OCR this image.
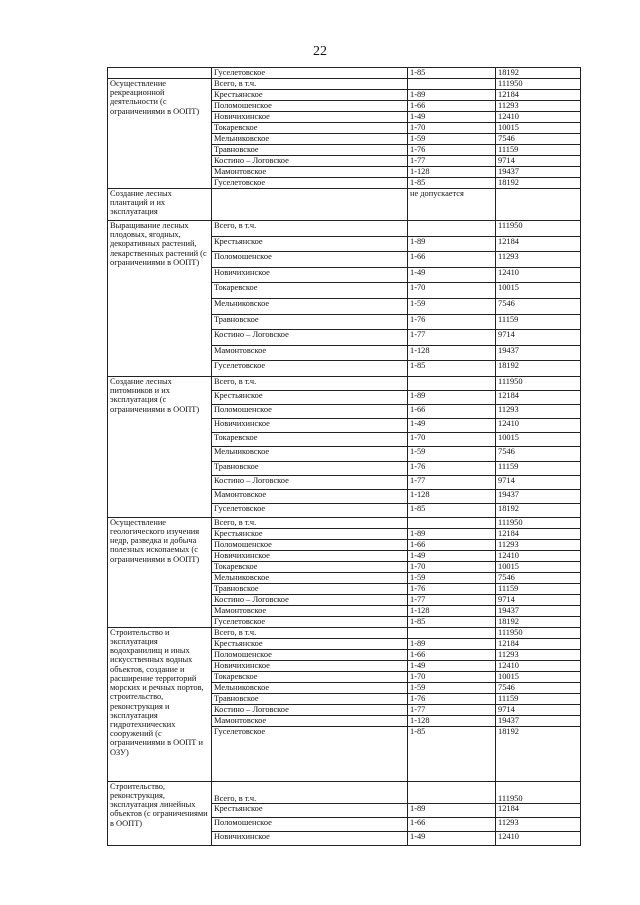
22
	Гуселетовское	1-85	18192
Осуществление рекреационной деятельности (с ограничениями в ООПТ)	Всего, в т.ч.		111950
	Крестьянское	1-89	12184
	Поломошенское	1-66	11293
	Новичихинское	1-49	12410
	Токаревское	1-70	10015
	Мельниковское	1-59	7546
	Травновское	1-76	11159
	Костино – Логовское	1-77	9714
	Мамонтовское	1-128	19437
	Гуселетовское	1-85	18192
Создание лесных плантаций и их эксплуатация		не допускается	
Выращивание лесных плодовых, ягодных, декоративных растений, лекарственных растений (с ограничениями в ООПТ)	Всего, в т.ч.		111950
	Крестьянское	1-89	12184
	Поломошенское	1-66	11293
	Новичихинское	1-49	12410
	Токаревское	1-70	10015
	Мельниковское	1-59	7546
	Травновское	1-76	11159
	Костино – Логовское	1-77	9714
	Мамонтовское	1-128	19437
	Гуселетовское	1-85	18192
Создание лесных питомников и их эксплуатация (с ограничениями в ООПТ)	Всего, в т.ч.		111950
	Крестьянское	1-89	12184
	Поломошенское	1-66	11293
	Новичихинское	1-49	12410
	Токаревское	1-70	10015
	Мельниковское	1-59	7546
	Травновское	1-76	11159
	Костино – Логовское	1-77	9714
	Мамонтовское	1-128	19437
	Гуселетовское	1-85	18192
Осуществление геологического изучения недр, разведка и добыча полезных ископаемых (с ограничениями в ООПТ)	Всего, в т.ч.		111950
	Крестьянское	1-89	12184
	Поломошенское	1-66	11293
	Новичихинское	1-49	12410
	Токаревское	1-70	10015
	Мельниковское	1-59	7546
	Травновское	1-76	11159
	Костино – Логовское	1-77	9714
	Мамонтовское	1-128	19437
	Гуселетовское	1-85	18192
Строительство и эксплуатация водохранилищ и иных искусственных водных объектов, создание и расширение территорий морских и речных портов, строительство, реконструкция и эксплуатация гидротехнических сооружений (с ограничениями в ООПТ и ОЗУ)	Всего, в т.ч.		111950
	Крестьянское	1-89	12184
	Поломошенское	1-66	11293
	Новичихинское	1-49	12410
	Токаревское	1-70	10015
	Мельниковское	1-59	7546
	Травновское	1-76	11159
	Костино – Логовское	1-77	9714
	Мамонтовское	1-128	19437
	Гуселетовское	1-85	18192
Строительство, реконструкция, эксплуатация линейных объектов (с ограничениями в ООПТ)	Всего, в т.ч.		111950
	Крестьянское	1-89	12184
	Поломошенское	1-66	11293
	Новичихинское	1-49	12410
